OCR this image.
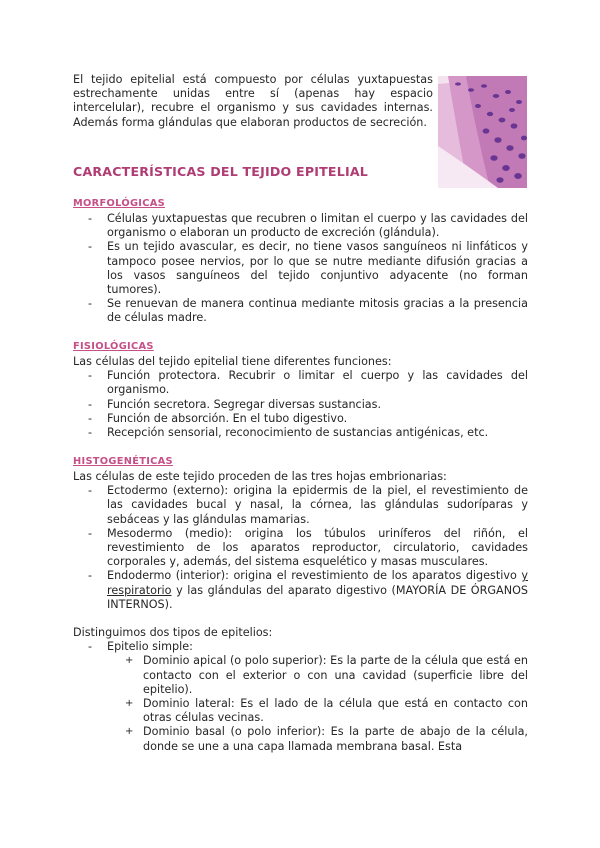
El tejido epitelial está compuesto por células yuxtapuestas estrechamente unidas entre sí (apenas hay espacio intercelular), recubre el organismo y sus cavidades internas. Además forma glándulas que elaboran productos de secreción.

CARACTERÍSTICAS DEL TEJIDO EPITELIAL

MORFOLÓGICAS

- Células yuxtapuestas que recubren o limitan el cuerpo y las cavidades del organismo o elaboran un producto de excreción (glándula).
- Es un tejido avascular, es decir, no tiene vasos sanguíneos ni linfáticos y tampoco posee nervios, por lo que se nutre mediante difusión gracias a los vasos sanguíneos del tejido conjuntivo adyacente (no forman tumores).
- Se renuevan de manera continua mediante mitosis gracias a la presencia de células madre.

FISIOLÓGICAS

Las células del tejido epitelial tiene diferentes funciones:

- Función protectora. Recubrir o limitar el cuerpo y las cavidades del organismo.
- Función secretora. Segregar diversas sustancias.
- Función de absorción. En el tubo digestivo.
- Recepción sensorial, reconocimiento de sustancias antigénicas, etc.

HISTOGENÉTICAS

Las células de este tejido proceden de las tres hojas embrionarias:

- Ectodermo (externo): origina la epidermis de la piel, el revestimiento de las cavidades bucal y nasal, la córnea, las glándulas sudoríparas y sebáceas y las glándulas mamarias.
- Mesodermo (medio): origina los túbulos uriníferos del riñón, el revestimiento de los aparatos reproductor, circulatorio, cavidades corporales y, además, del sistema esquelético y masas musculares.
- Endodermo (interior): origina el revestimiento de los aparatos digestivo y respiratorio y las glándulas del aparato digestivo (MAYORÍA DE ÓRGANOS INTERNOS).

Distinguimos dos tipos de epitelios:

- Epitelio simple:
+ Dominio apical (o polo superior): Es la parte de la célula que está en contacto con el exterior o con una cavidad (superficie libre del epitelio).
+ Dominio lateral: Es el lado de la célula que está en contacto con otras células vecinas.
+ Dominio basal (o polo inferior): Es la parte de abajo de la célula, donde se une a una capa llamada membrana basal. Esta
